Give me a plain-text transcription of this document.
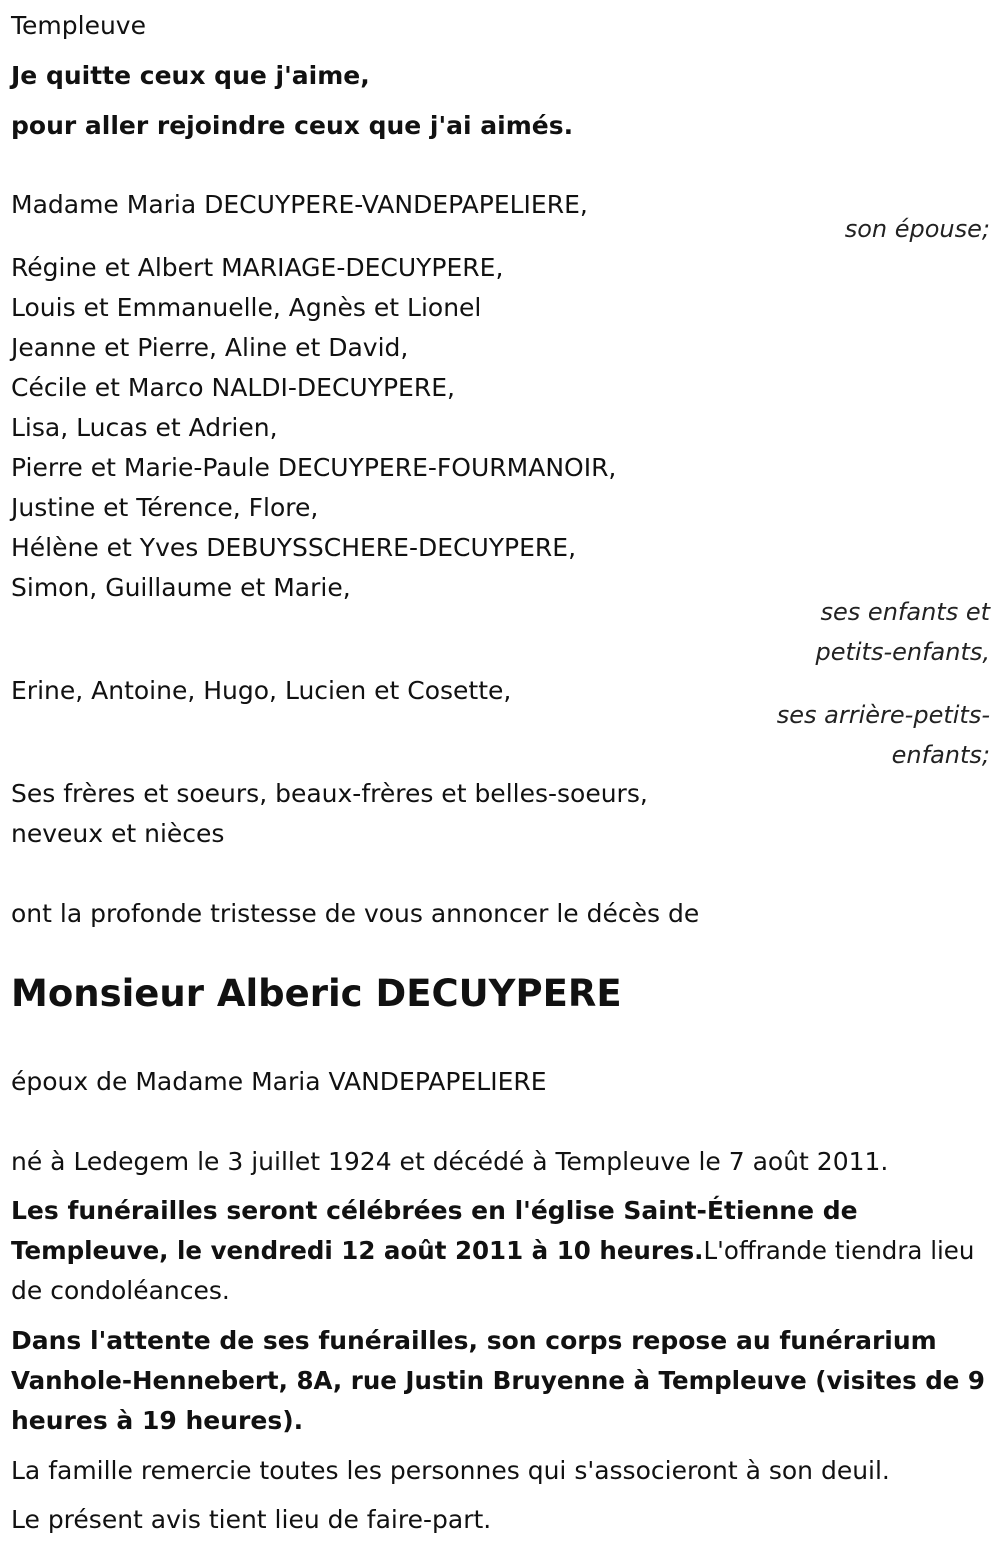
Templeuve

Je quitte ceux que j'aime,

pour aller rejoindre ceux que j'ai aimés.

Madame Maria DECUYPERE-VANDEPAPELIERE,

son épouse;

Régine et Albert MARIAGE-DECUYPERE,
Louis et Emmanuelle, Agnès et Lionel
Jeanne et Pierre, Aline et David,
Cécile et Marco NALDI-DECUYPERE,
Lisa, Lucas et Adrien,
Pierre et Marie-Paule DECUYPERE-FOURMANOIR,
Justine et Térence, Flore,
Hélène et Yves DEBUYSSCHERE-DECUYPERE,
Simon, Guillaume et Marie,

ses enfants et

petits-enfants,

Erine, Antoine, Hugo, Lucien et Cosette,

ses arrière-petits-

enfants;

Ses frères et soeurs, beaux-frères et belles-soeurs,

neveux et nièces

ont la profonde tristesse de vous annoncer le décès de

Monsieur Alberic DECUYPERE

époux de Madame Maria VANDEPAPELIERE

né à Ledegem le 3 juillet 1924 et décédé à Templeuve le 7 août 2011.

Les funérailles seront célébrées en l'église Saint-Étienne de

Templeuve, le vendredi 12 août 2011 à 10 heures.L'offrande tiendra lieu

de condoléances.

Dans l'attente de ses funérailles, son corps repose au funérarium

Vanhole-Hennebert, 8A, rue Justin Bruyenne à Templeuve (visites de 9

heures à 19 heures).

La famille remercie toutes les personnes qui s'associeront à son deuil.

Le présent avis tient lieu de faire-part.
